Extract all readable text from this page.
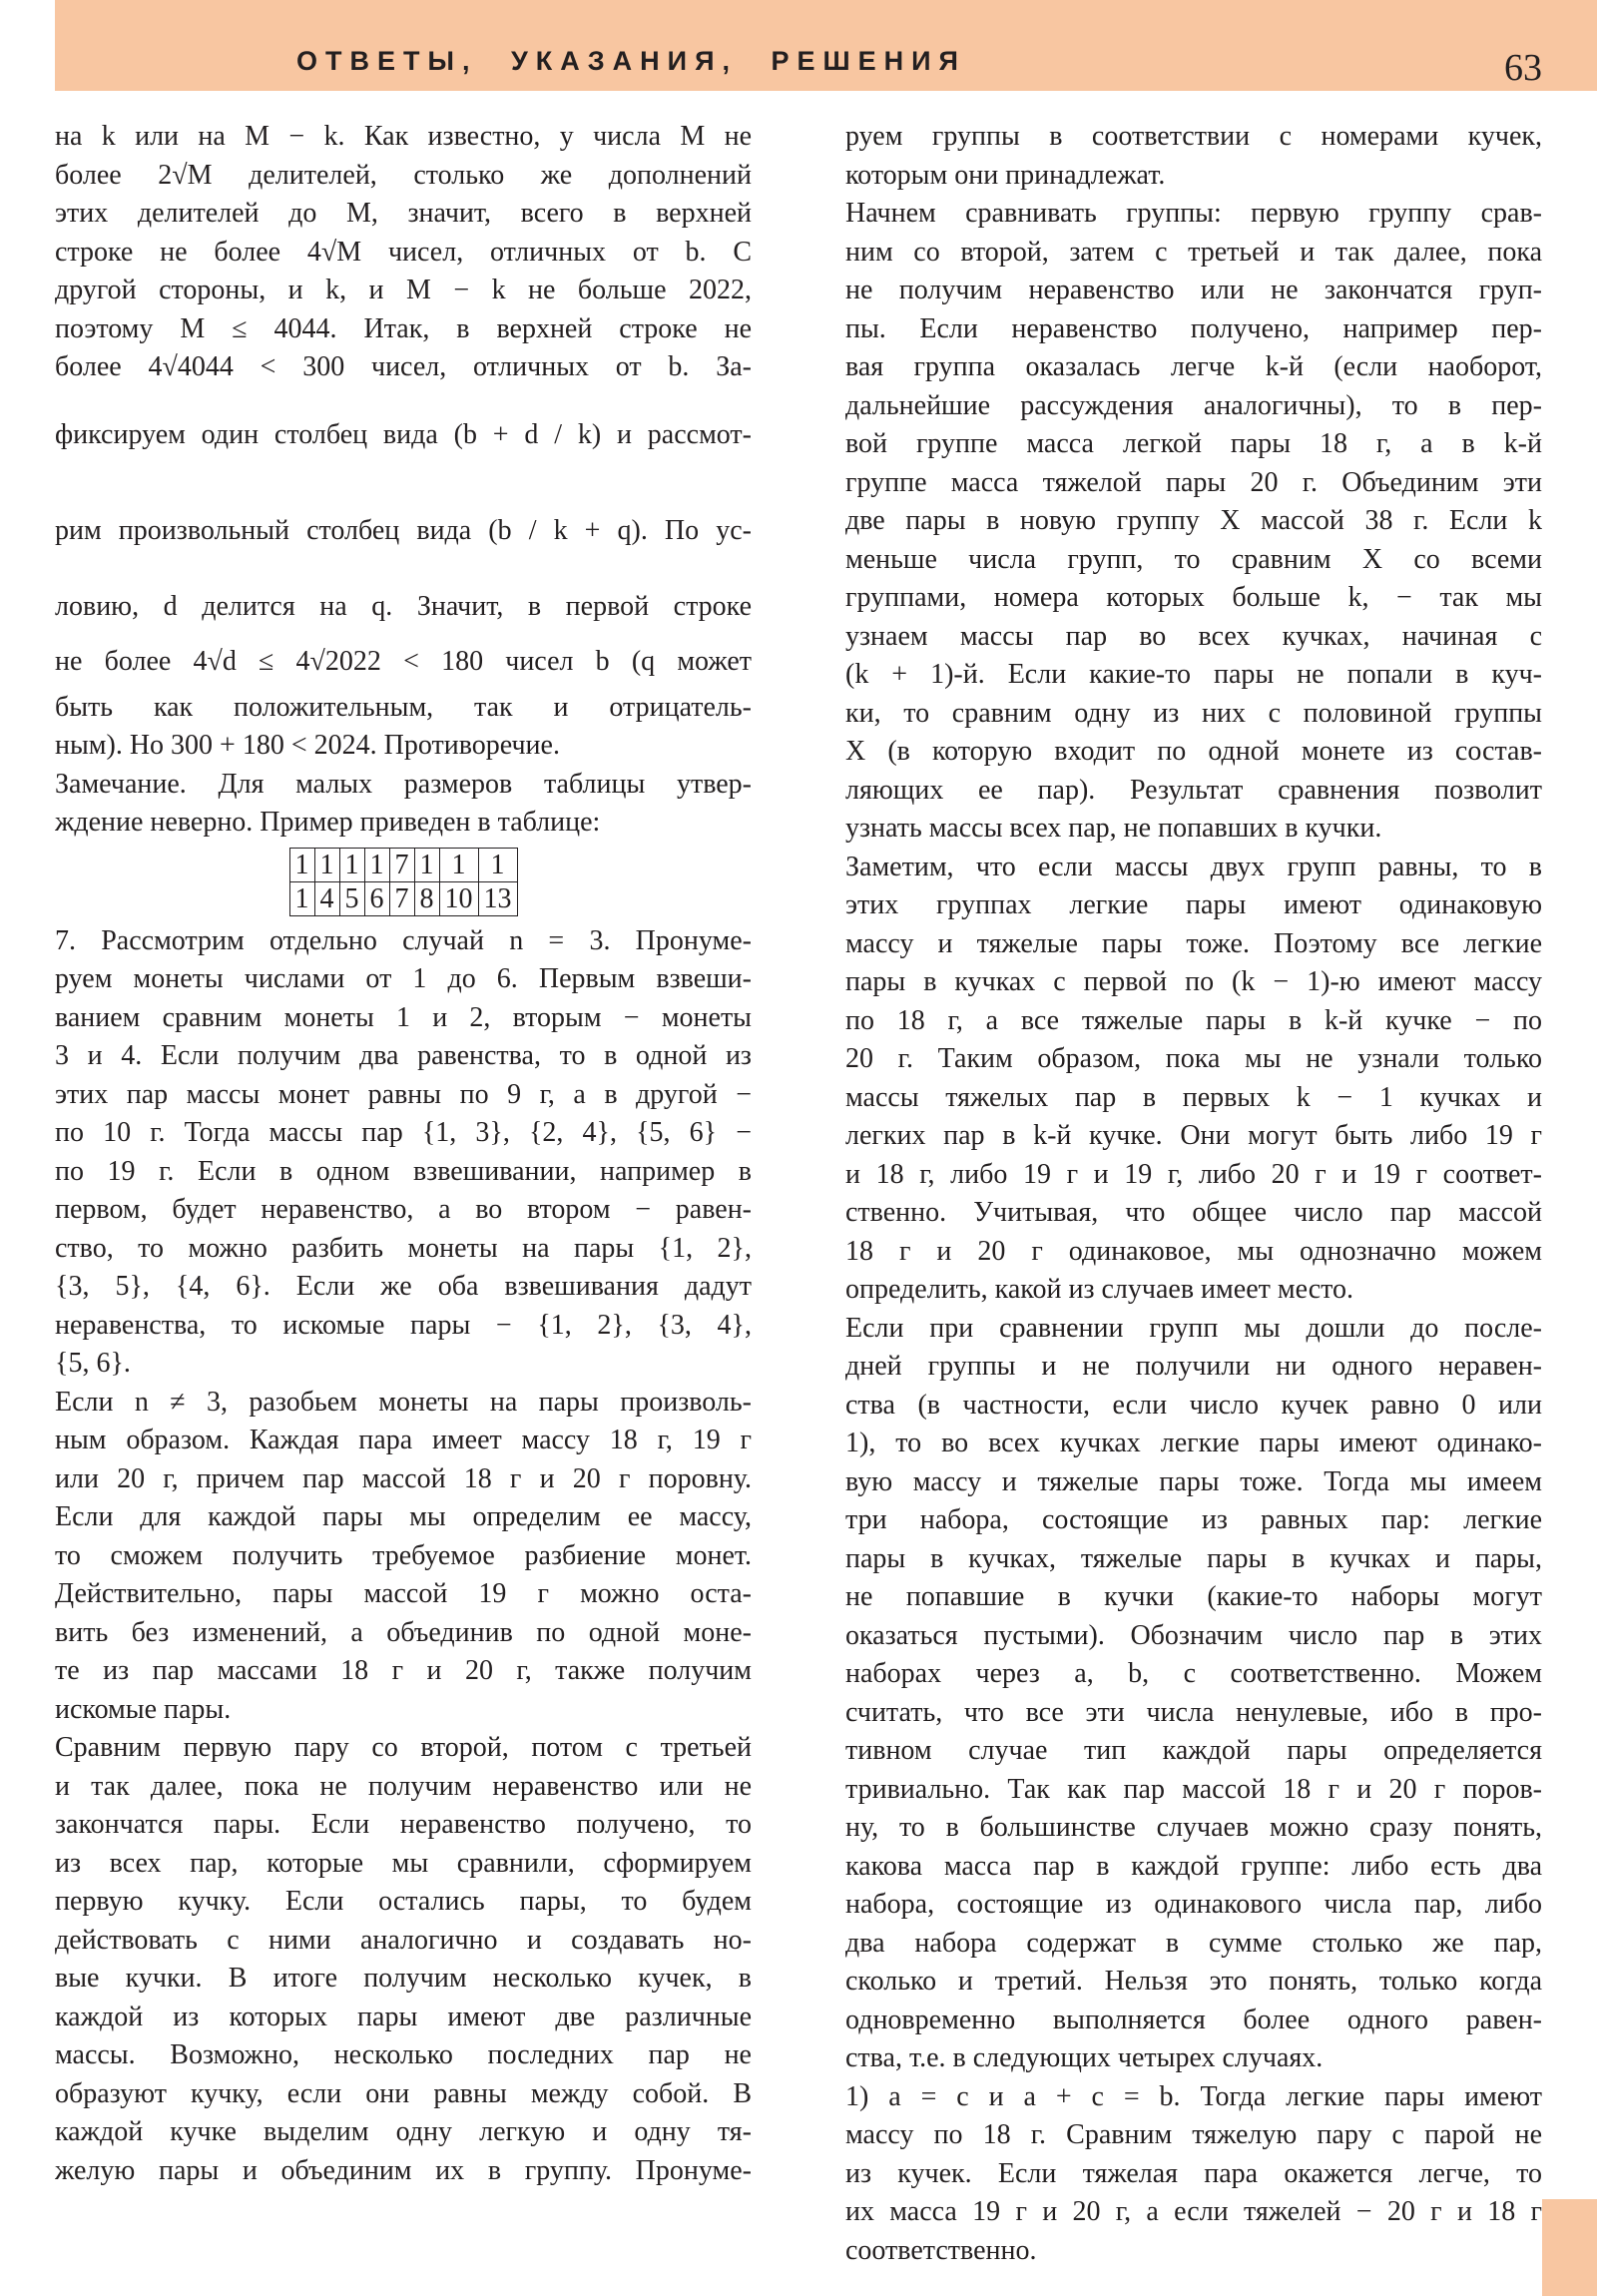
ОТВЕТЫ, УКАЗАНИЯ, РЕШЕНИЯ	63
на k или на M − k. Как известно, у числа M не
более 2√M делителей, столько же дополнений
этих делителей до M, значит, всего в верхней
строке не более 4√M чисел, отличных от b. С
другой стороны, и k, и M − k не больше 2022,
поэтому M ≤ 4044. Итак, в верхней строке не
более 4√4044 < 300 чисел, отличных от b. За-
фиксируем один столбец вида (b + d / k) и рассмот-
рим произвольный столбец вида (b / k + q). По ус-
ловию, d делится на q. Значит, в первой строке
не более 4√d ≤ 4√2022 < 180 чисел b (q может
быть как положительным, так и отрицатель-
ным). Но 300 + 180 < 2024. Противоречие.
Замечание. Для малых размеров таблицы утвер-
ждение неверно. Пример приведен в таблице:
1	1	1	1	7	1	1	1
1	4	5	6	7	8	10	13
7. Рассмотрим отдельно случай n = 3. Пронуме-
руем монеты числами от 1 до 6. Первым взвеши-
ванием сравним монеты 1 и 2, вторым − монеты
3 и 4. Если получим два равенства, то в одной из
этих пар массы монет равны по 9 г, а в другой −
по 10 г. Тогда массы пар {1, 3}, {2, 4}, {5, 6} −
по 19 г. Если в одном взвешивании, например в
первом, будет неравенство, а во втором − равен-
ство, то можно разбить монеты на пары {1, 2},
{3, 5}, {4, 6}. Если же оба взвешивания дадут
неравенства, то искомые пары − {1, 2}, {3, 4},
{5, 6}.
Если n ≠ 3, разобьем монеты на пары произволь-
ным образом. Каждая пара имеет массу 18 г, 19 г
или 20 г, причем пар массой 18 г и 20 г поровну.
Если для каждой пары мы определим ее массу,
то сможем получить требуемое разбиение монет.
Действительно, пары массой 19 г можно оста-
вить без изменений, а объединив по одной моне-
те из пар массами 18 г и 20 г, также получим
искомые пары.
Сравним первую пару со второй, потом с третьей
и так далее, пока не получим неравенство или не
закончатся пары. Если неравенство получено, то
из всех пар, которые мы сравнили, сформируем
первую кучку. Если остались пары, то будем
действовать с ними аналогично и создавать но-
вые кучки. В итоге получим несколько кучек, в
каждой из которых пары имеют две различные
массы. Возможно, несколько последних пар не
образуют кучку, если они равны между собой. В
каждой кучке выделим одну легкую и одну тя-
желую пары и объединим их в группу. Пронуме-
руем группы в соответствии с номерами кучек,
которым они принадлежат.
Начнем сравнивать группы: первую группу срав-
ним со второй, затем с третьей и так далее, пока
не получим неравенство или не закончатся груп-
пы. Если неравенство получено, например пер-
вая группа оказалась легче k-й (если наоборот,
дальнейшие рассуждения аналогичны), то в пер-
вой группе масса легкой пары 18 г, а в k-й
группе масса тяжелой пары 20 г. Объединим эти
две пары в новую группу X массой 38 г. Если k
меньше числа групп, то сравним X со всеми
группами, номера которых больше k, − так мы
узнаем массы пар во всех кучках, начиная с
(k + 1)-й. Если какие-то пары не попали в куч-
ки, то сравним одну из них с половиной группы
X (в которую входит по одной монете из состав-
ляющих ее пар). Результат сравнения позволит
узнать массы всех пар, не попавших в кучки.
Заметим, что если массы двух групп равны, то в
этих группах легкие пары имеют одинаковую
массу и тяжелые пары тоже. Поэтому все легкие
пары в кучках с первой по (k − 1)-ю имеют массу
по 18 г, а все тяжелые пары в k-й кучке − по
20 г. Таким образом, пока мы не узнали только
массы тяжелых пар в первых k − 1 кучках и
легких пар в k-й кучке. Они могут быть либо 19 г
и 18 г, либо 19 г и 19 г, либо 20 г и 19 г соответ-
ственно. Учитывая, что общее число пар массой
18 г и 20 г одинаковое, мы однозначно можем
определить, какой из случаев имеет место.
Если при сравнении групп мы дошли до после-
дней группы и не получили ни одного неравен-
ства (в частности, если число кучек равно 0 или
1), то во всех кучках легкие пары имеют одинако-
вую массу и тяжелые пары тоже. Тогда мы имеем
три набора, состоящие из равных пар: легкие
пары в кучках, тяжелые пары в кучках и пары,
не попавшие в кучки (какие-то наборы могут
оказаться пустыми). Обозначим число пар в этих
наборах через a, b, c соответственно. Можем
считать, что все эти числа ненулевые, ибо в про-
тивном случае тип каждой пары определяется
тривиально. Так как пар массой 18 г и 20 г поров-
ну, то в большинстве случаев можно сразу понять,
какова масса пар в каждой группе: либо есть два
набора, состоящие из одинакового числа пар, либо
два набора содержат в сумме столько же пар,
сколько и третий. Нельзя это понять, только когда
одновременно выполняется более одного равен-
ства, т.е. в следующих четырех случаях.
1) a = c и a + c = b. Тогда легкие пары имеют
массу по 18 г. Сравним тяжелую пару с парой не
из кучек. Если тяжелая пара окажется легче, то
их масса 19 г и 20 г, а если тяжелей − 20 г и 18 г
соответственно.
